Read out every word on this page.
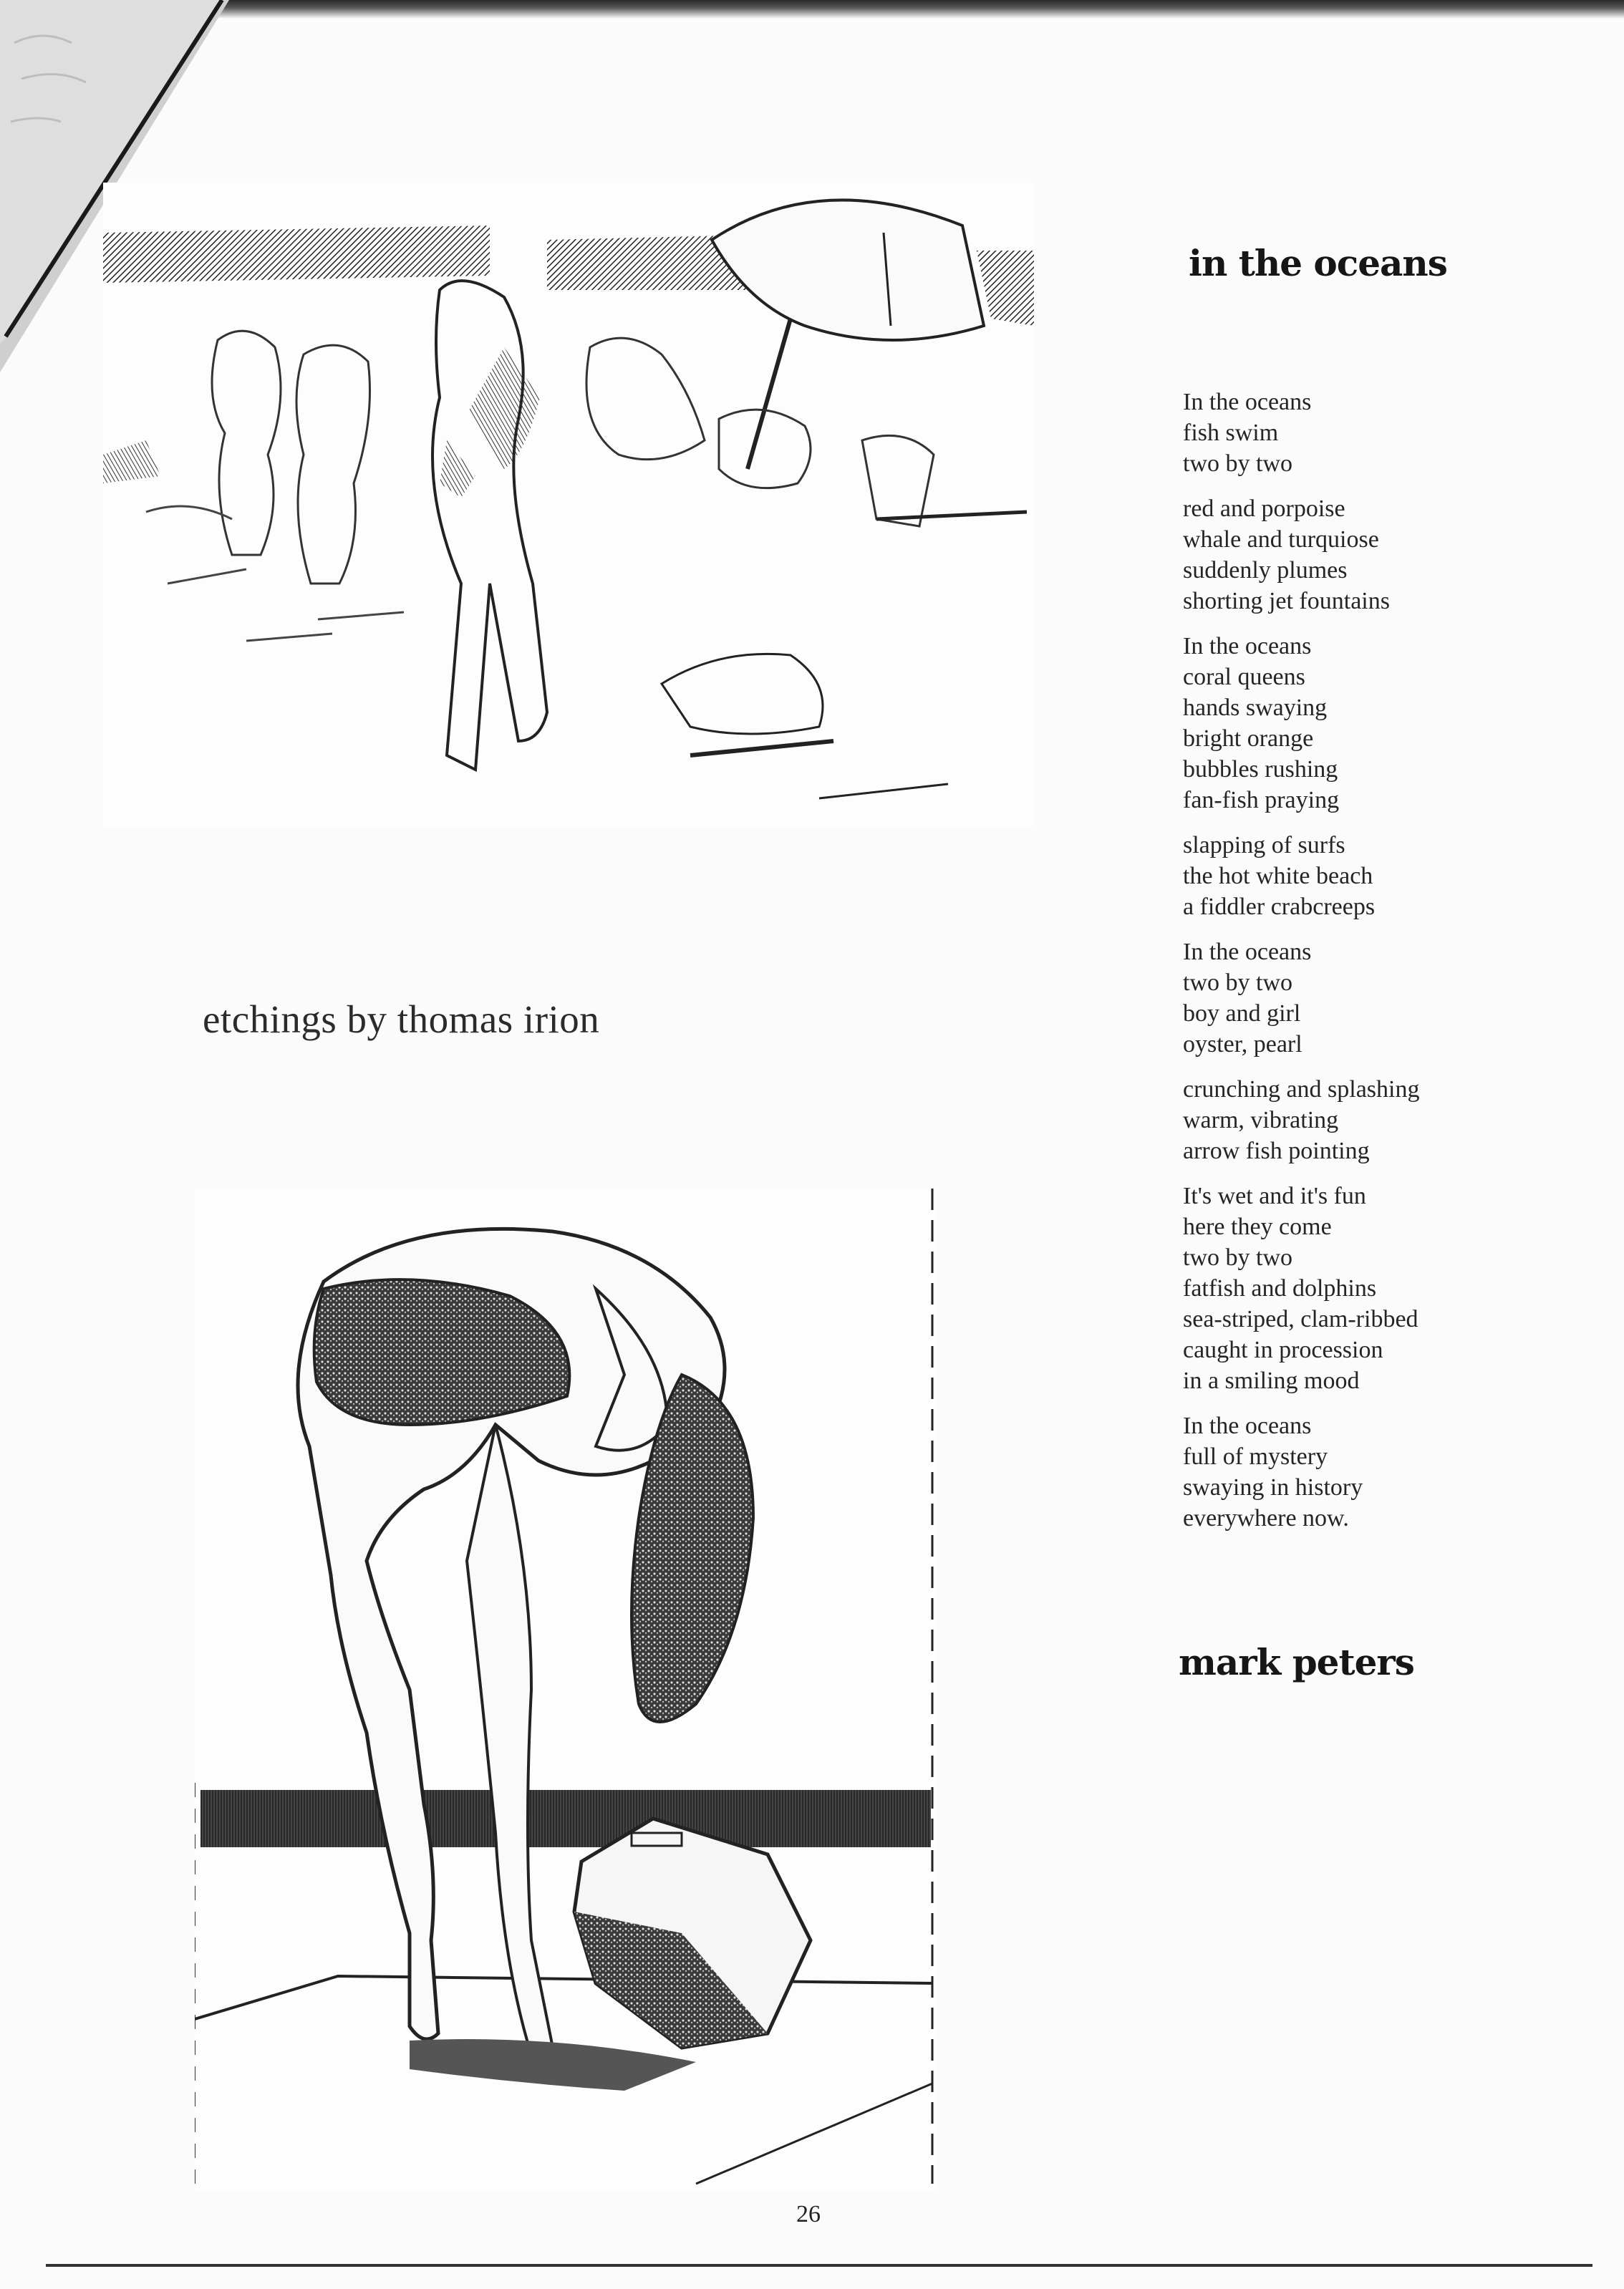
etchings by thomas irion
in the oceans
In the oceans
fish swim
two by two
red and porpoise
whale and turquiose
suddenly plumes
shorting jet fountains
In the oceans
coral queens
hands swaying
bright orange
bubbles rushing
fan-fish praying
slapping of surfs
the hot white beach
a fiddler crabcreeps
In the oceans
two by two
boy and girl
oyster, pearl
crunching and splashing
warm, vibrating
arrow fish pointing
It's wet and it's fun
here they come
two by two
fatfish and dolphins
sea-striped, clam-ribbed
caught in procession
in a smiling mood
In the oceans
full of mystery
swaying in history
everywhere now.
mark peters
26
